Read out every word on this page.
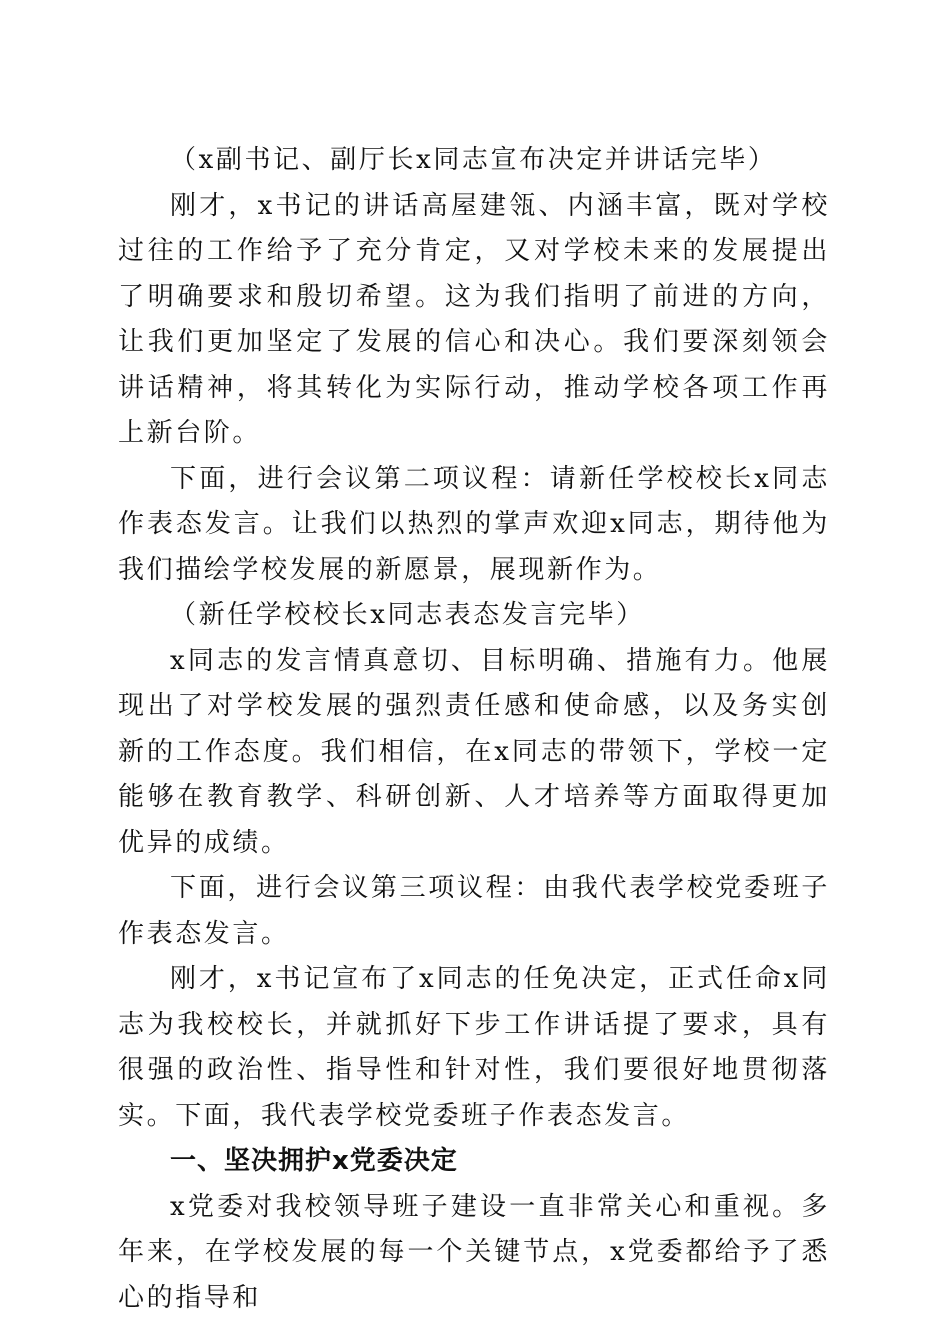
（x副书记、副厅长x同志宣布决定并讲话完毕）

刚才，x书记的讲话高屋建瓴、内涵丰富，既对学校过往的工作给予了充分肯定，又对学校未来的发展提出了明确要求和殷切希望。这为我们指明了前进的方向，让我们更加坚定了发展的信心和决心。我们要深刻领会讲话精神，将其转化为实际行动，推动学校各项工作再上新台阶。

下面，进行会议第二项议程：请新任学校校长x同志作表态发言。让我们以热烈的掌声欢迎x同志，期待他为我们描绘学校发展的新愿景，展现新作为。

（新任学校校长x同志表态发言完毕）

x同志的发言情真意切、目标明确、措施有力。他展现出了对学校发展的强烈责任感和使命感，以及务实创新的工作态度。我们相信，在x同志的带领下，学校一定能够在教育教学、科研创新、人才培养等方面取得更加优异的成绩。

下面，进行会议第三项议程：由我代表学校党委班子作表态发言。

刚才，x书记宣布了x同志的任免决定，正式任命x同志为我校校长，并就抓好下步工作讲话提了要求，具有很强的政治性、指导性和针对性，我们要很好地贯彻落实。下面，我代表学校党委班子作表态发言。

一、坚决拥护x党委决定

x党委对我校领导班子建设一直非常关心和重视。多年来，在学校发展的每一个关键节点，x党委都给予了悉心的指导和
